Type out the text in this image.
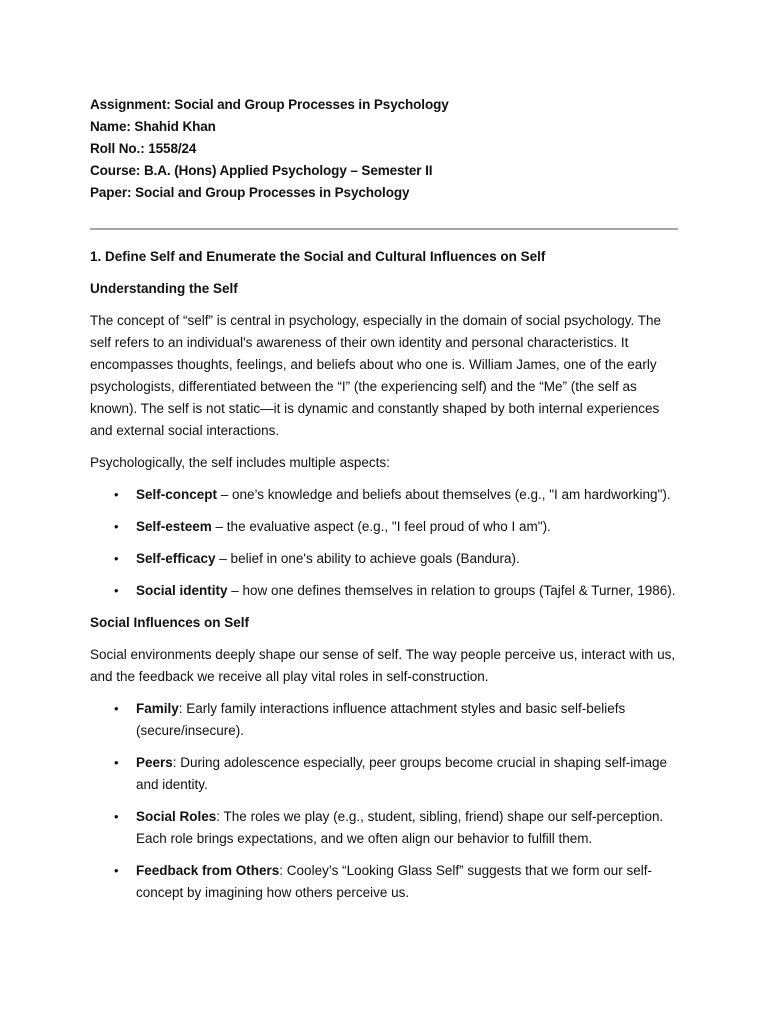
Assignment: Social and Group Processes in Psychology

Name: Shahid Khan

Roll No.: 1558/24

Course: B.A. (Hons) Applied Psychology – Semester II

Paper: Social and Group Processes in Psychology

1. Define Self and Enumerate the Social and Cultural Influences on Self

Understanding the Self

The concept of “self” is central in psychology, especially in the domain of social psychology. The self refers to an individual's awareness of their own identity and personal characteristics. It encompasses thoughts, feelings, and beliefs about who one is. William James, one of the early psychologists, differentiated between the “I” (the experiencing self) and the “Me” (the self as known). The self is not static—it is dynamic and constantly shaped by both internal experiences and external social interactions.

Psychologically, the self includes multiple aspects:

• Self-concept – one’s knowledge and beliefs about themselves (e.g., "I am hardworking").
• Self-esteem – the evaluative aspect (e.g., "I feel proud of who I am").
• Self-efficacy – belief in one's ability to achieve goals (Bandura).
• Social identity – how one defines themselves in relation to groups (Tajfel & Turner, 1986).

Social Influences on Self

Social environments deeply shape our sense of self. The way people perceive us, interact with us, and the feedback we receive all play vital roles in self-construction.

• Family: Early family interactions influence attachment styles and basic self-beliefs (secure/insecure).
• Peers: During adolescence especially, peer groups become crucial in shaping self-image and identity.
• Social Roles: The roles we play (e.g., student, sibling, friend) shape our self-perception. Each role brings expectations, and we often align our behavior to fulfill them.
• Feedback from Others: Cooley’s “Looking Glass Self” suggests that we form our self-concept by imagining how others perceive us.
